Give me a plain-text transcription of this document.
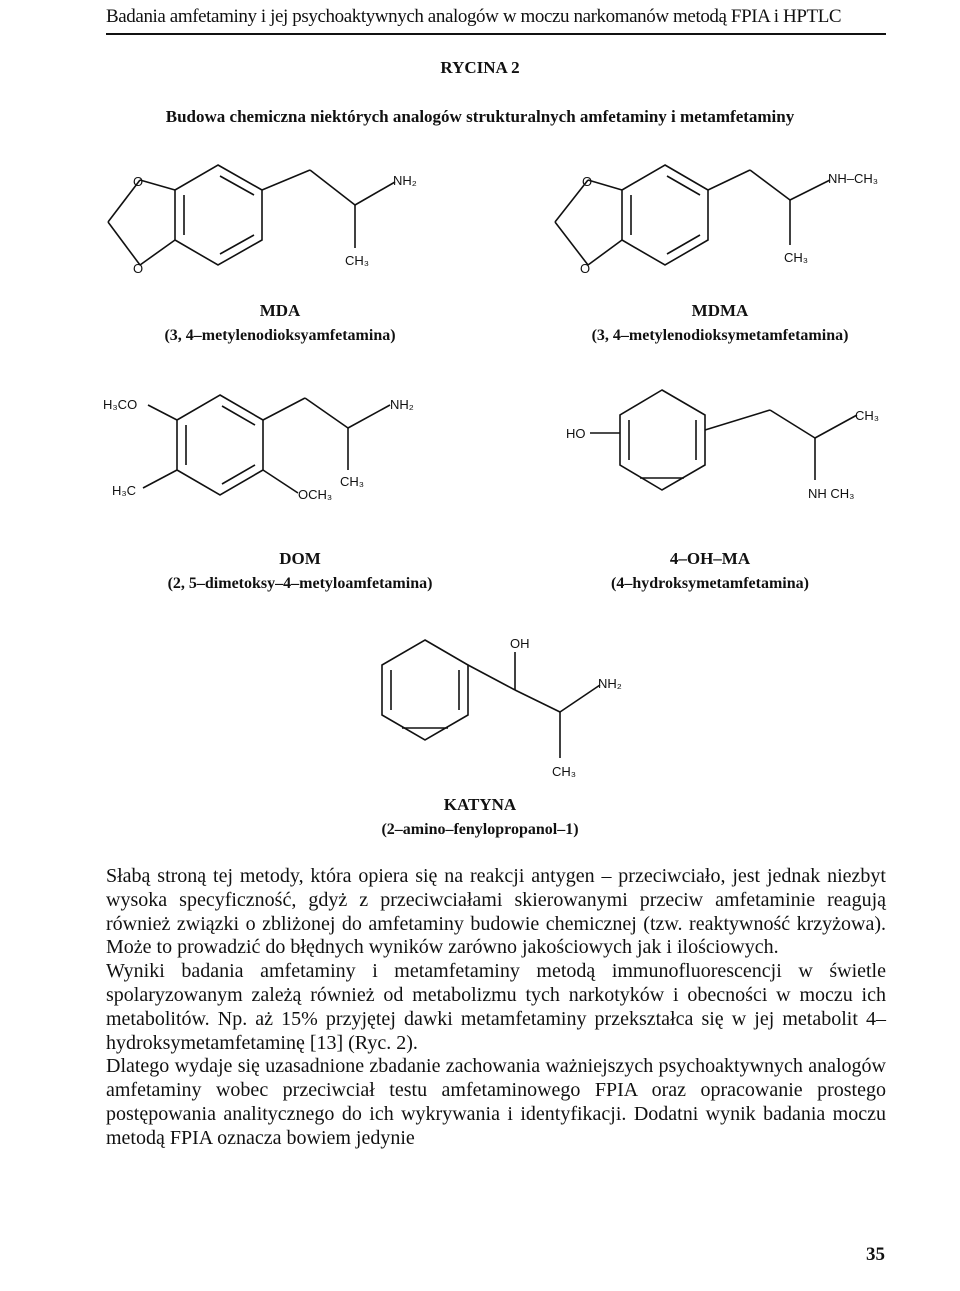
Badania amfetaminy i jej psychoaktywnych analogów w moczu narkomanów metodą FPIA i HPTLC
RYCINA 2
Budowa chemiczna niektórych analogów strukturalnych amfetaminy i metamfetaminy
O
O
NH₂
CH₃
O
O
NH–CH₃
CH₃
H₃CO
H₃C	OCH₃
NH₂
CH₃
HO
CH₃
NH CH₃
OH
NH₂
CH₃
MDA
(3, 4–metylenodioksyamfetamina)
MDMA
(3, 4–metylenodioksymetamfetamina)
DOM
(2, 5–dimetoksy–4–metyloamfetamina)
4–OH–MA
(4–hydroksymetamfetamina)
KATYNA
(2–amino–fenylopropanol–1)

Słabą stroną tej metody, która opiera się na reakcji antygen – przeciwciało, jest jednak niezbyt wysoka specyficzność, gdyż z przeciwciałami skierowanymi przeciw amfetaminie reagują również związki o zbliżonej do amfetaminy budowie chemicznej (tzw. reaktywność krzyżowa). Może to prowadzić do błędnych wyników zarówno jakościowych jak i ilościowych.

Wyniki badania amfetaminy i metamfetaminy metodą immunofluorescencji w świetle spolaryzowanym zależą również od metabolizmu tych narkotyków i obecności w moczu ich metabolitów. Np. aż 15% przyjętej dawki metamfetaminy przekształca się w jej metabolit 4–hydroksymetamfetaminę [13] (Ryc. 2).

Dlatego wydaje się uzasadnione zbadanie zachowania ważniejszych psychoaktywnych analogów amfetaminy wobec przeciwciał testu amfetaminowego FPIA oraz opracowanie prostego postępowania analitycznego do ich wykrywania i identyfikacji. Dodatni wynik badania moczu metodą FPIA oznacza bowiem jedynie

35
